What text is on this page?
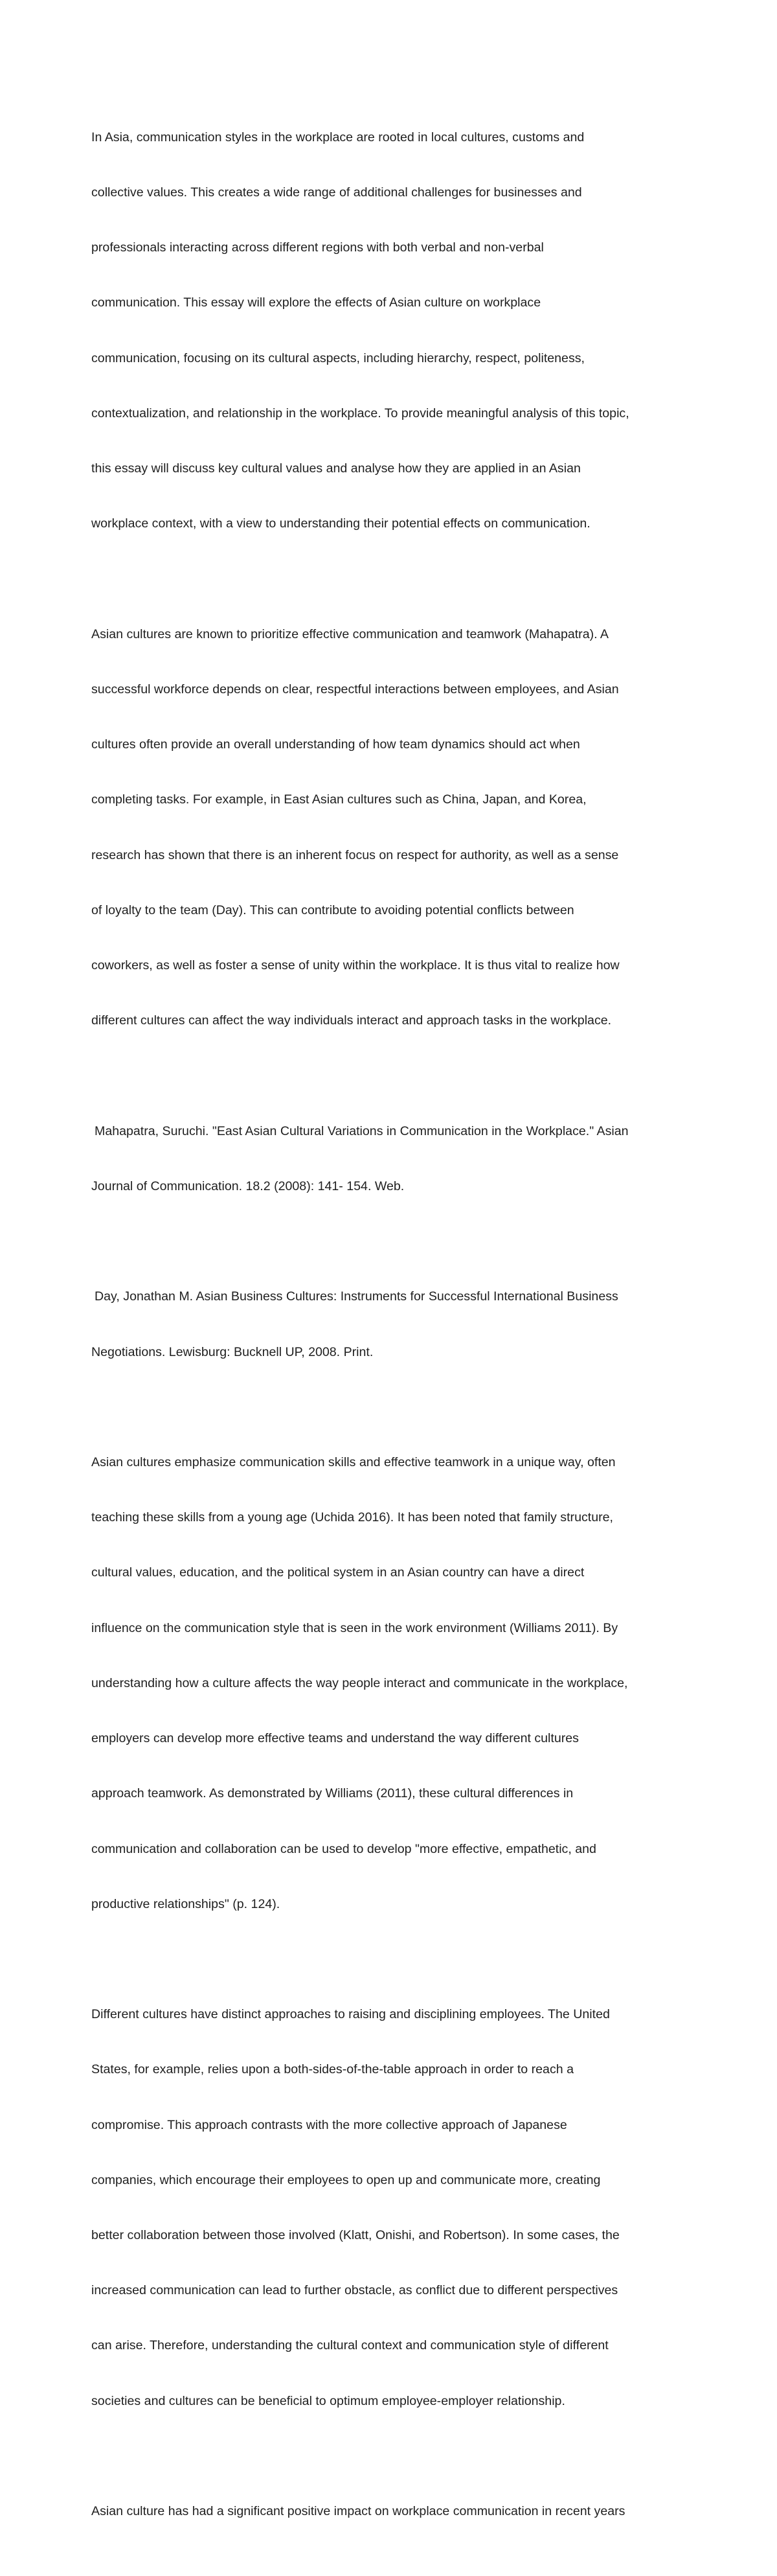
In Asia, communication styles in the workplace are rooted in local cultures, customs and

collective values. This creates a wide range of additional challenges for businesses and

professionals interacting across different regions with both verbal and non-verbal

communication. This essay will explore the effects of Asian culture on workplace

communication, focusing on its cultural aspects, including hierarchy, respect, politeness,

contextualization, and relationship in the workplace. To provide meaningful analysis of this topic,

this essay will discuss key cultural values and analyse how they are applied in an Asian

workplace context, with a view to understanding their potential effects on communication.

Asian cultures are known to prioritize effective communication and teamwork (Mahapatra). A

successful workforce depends on clear, respectful interactions between employees, and Asian

cultures often provide an overall understanding of how team dynamics should act when

completing tasks. For example, in East Asian cultures such as China, Japan, and Korea,

research has shown that there is an inherent focus on respect for authority, as well as a sense

of loyalty to the team (Day). This can contribute to avoiding potential conflicts between

coworkers, as well as foster a sense of unity within the workplace. It is thus vital to realize how

different cultures can affect the way individuals interact and approach tasks in the workplace.

Mahapatra, Suruchi. "East Asian Cultural Variations in Communication in the Workplace." Asian

Journal of Communication. 18.2 (2008): 141- 154. Web.

Day, Jonathan M. Asian Business Cultures: Instruments for Successful International Business

Negotiations. Lewisburg: Bucknell UP, 2008. Print.

Asian cultures emphasize communication skills and effective teamwork in a unique way, often

teaching these skills from a young age (Uchida 2016). It has been noted that family structure,

cultural values, education, and the political system in an Asian country can have a direct

influence on the communication style that is seen in the work environment (Williams 2011). By

understanding how a culture affects the way people interact and communicate in the workplace,

employers can develop more effective teams and understand the way different cultures

approach teamwork. As demonstrated by Williams (2011), these cultural differences in

communication and collaboration can be used to develop "more effective, empathetic, and

productive relationships" (p. 124).

Different cultures have distinct approaches to raising and disciplining employees. The United

States, for example, relies upon a both-sides-of-the-table approach in order to reach a

compromise. This approach contrasts with the more collective approach of Japanese

companies, which encourage their employees to open up and communicate more, creating

better collaboration between those involved (Klatt, Onishi, and Robertson). In some cases, the

increased communication can lead to further obstacle, as conflict due to different perspectives

can arise. Therefore, understanding the cultural context and communication style of different

societies and cultures can be beneficial to optimum employee-employer relationship.

Asian culture has had a significant positive impact on workplace communication in recent years
